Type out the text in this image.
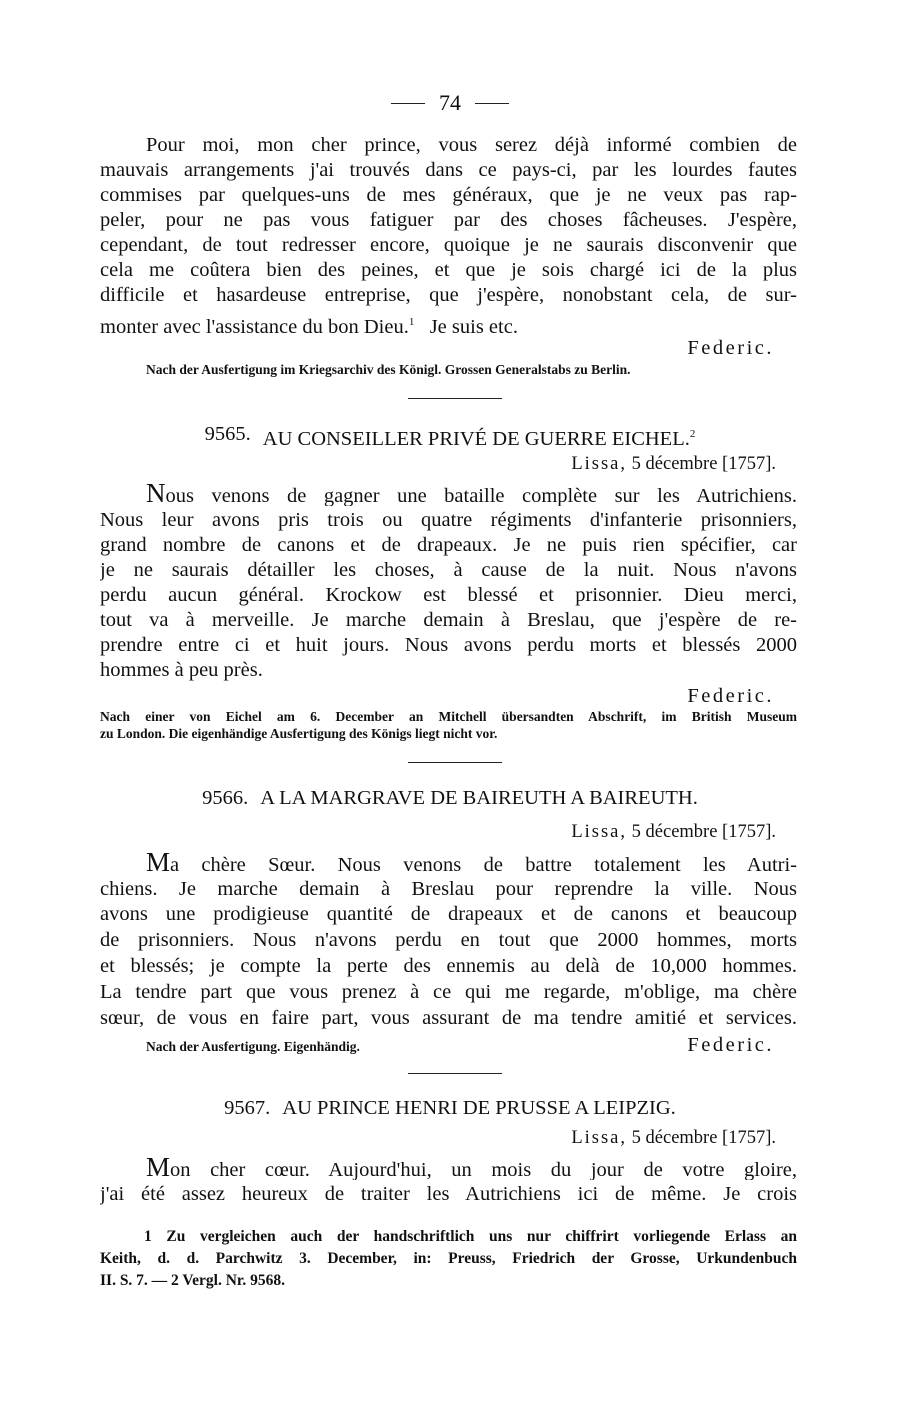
74
Pour moi, mon cher prince, vous serez déjà informé combien de
mauvais arrangements j'ai trouvés dans ce pays-ci, par les lourdes fautes
commises par quelques-uns de mes généraux, que je ne veux pas rap-
peler, pour ne pas vous fatiguer par des choses fâcheuses. J'espère,
cependant, de tout redresser encore, quoique je ne saurais disconvenir que
cela me coûtera bien des peines, et que je sois chargé ici de la plus
difficile et hasardeuse entreprise, que j'espère, nonobstant cela, de sur-
monter avec l'assistance du bon Dieu.$^1$ Je suis etc.
Federic.
Nach der Ausfertigung im Kriegsarchiv des Königl. Grossen Generalstabs zu Berlin.
9565. AU CONSEILLER PRIVÉ DE GUERRE EICHEL.$^2$
Lissa, 5 décembre [1757].
Nous venons de gagner une bataille complète sur les Autrichiens.
Nous leur avons pris trois ou quatre régiments d'infanterie prisonniers,
grand nombre de canons et de drapeaux. Je ne puis rien spécifier, car
je ne saurais détailler les choses, à cause de la nuit. Nous n'avons
perdu aucun général. Krockow est blessé et prisonnier. Dieu merci,
tout va à merveille. Je marche demain à Breslau, que j'espère de re-
prendre entre ci et huit jours. Nous avons perdu morts et blessés 2000
hommes à peu près.
Federic.
Nach einer von Eichel am 6. December an Mitchell übersandten Abschrift, im British Museum
zu London. Die eigenhändige Ausfertigung des Königs liegt nicht vor.
9566. A LA MARGRAVE DE BAIREUTH A BAIREUTH.
Lissa, 5 décembre [1757].
Ma chère Sœur. Nous venons de battre totalement les Autri-
chiens. Je marche demain à Breslau pour reprendre la ville. Nous
avons une prodigieuse quantité de drapeaux et de canons et beaucoup
de prisonniers. Nous n'avons perdu en tout que 2000 hommes, morts
et blessés; je compte la perte des ennemis au delà de 10,000 hommes.
La tendre part que vous prenez à ce qui me regarde, m'oblige, ma chère
sœur, de vous en faire part, vous assurant de ma tendre amitié et services.
Nach der Ausfertigung. Eigenhändig.	Federic.
9567. AU PRINCE HENRI DE PRUSSE A LEIPZIG.
Lissa, 5 décembre [1757].
Mon cher cœur. Aujourd'hui, un mois du jour de votre gloire,
j'ai été assez heureux de traiter les Autrichiens ici de même. Je crois
1 Zu vergleichen auch der handschriftlich uns nur chiffrirt vorliegende Erlass an
Keith, d. d. Parchwitz 3. December, in: Preuss, Friedrich der Grosse, Urkundenbuch
II. S. 7. — 2 Vergl. Nr. 9568.
